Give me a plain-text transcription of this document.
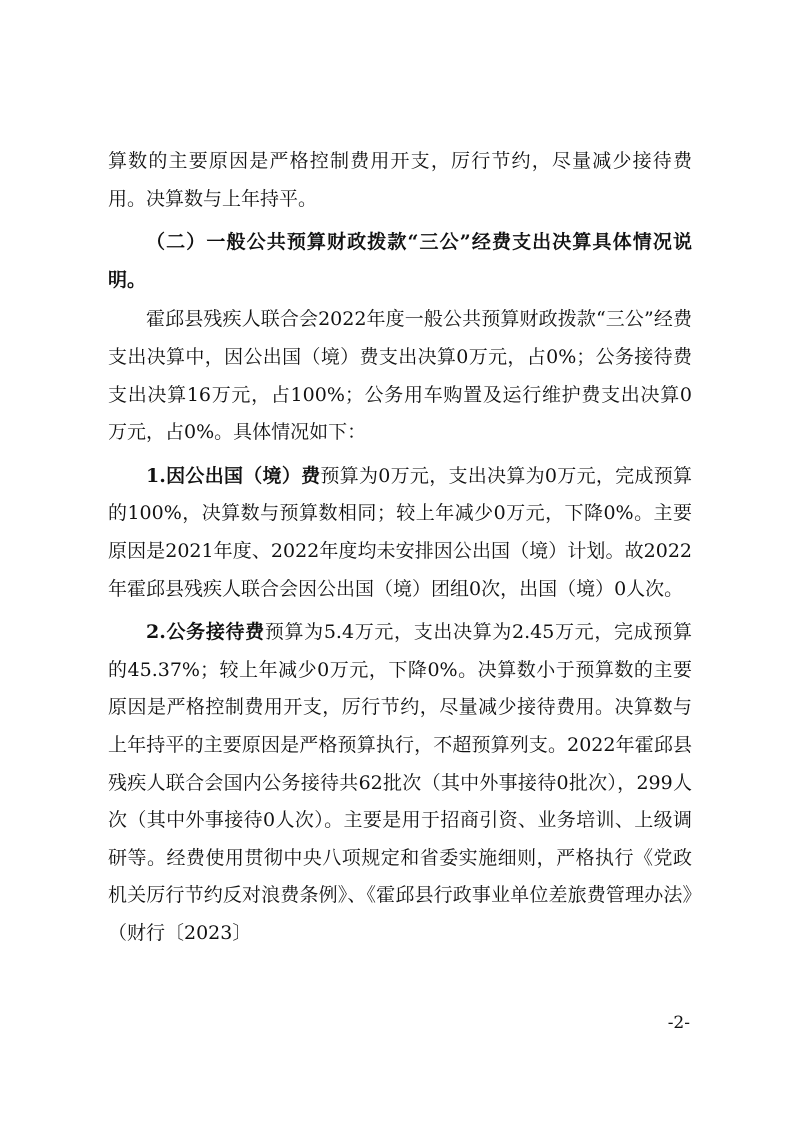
算数的主要原因是严格控制费用开支，厉行节约，尽量减少接待费用。决算数与上年持平。

（二）一般公共预算财政拨款“三公”经费支出决算具体情况说明。

霍邱县残疾人联合会2022年度一般公共预算财政拨款“三公”经费支出决算中，因公出国（境）费支出决算0万元，占0%；公务接待费支出决算16万元，占100%；公务用车购置及运行维护费支出决算0万元，占0%。具体情况如下：

1.因公出国（境）费预算为0万元，支出决算为0万元，完成预算的100%，决算数与预算数相同；较上年减少0万元，下降0%。主要原因是2021年度、2022年度均未安排因公出国（境）计划。故2022年霍邱县残疾人联合会因公出国（境）团组0次，出国（境）0人次。

2.公务接待费预算为5.4万元，支出决算为2.45万元，完成预算的45.37%；较上年减少0万元，下降0%。决算数小于预算数的主要原因是严格控制费用开支，厉行节约，尽量减少接待费用。决算数与上年持平的主要原因是严格预算执行，不超预算列支。2022年霍邱县残疾人联合会国内公务接待共62批次（其中外事接待0批次），299人次（其中外事接待0人次）。主要是用于招商引资、业务培训、上级调研等。经费使用贯彻中央八项规定和省委实施细则，严格执行《党政机关厉行节约反对浪费条例》、《霍邱县行政事业单位差旅费管理办法》（财行〔2023〕

-2-
